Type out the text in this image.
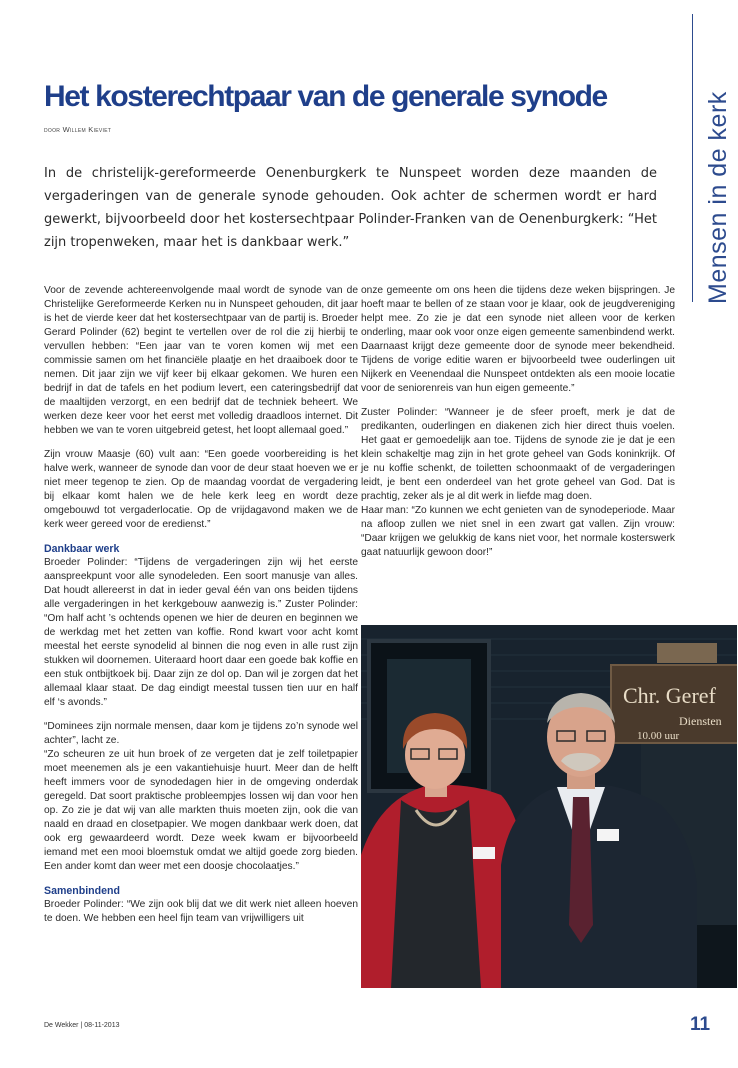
Mensen in de kerk
Het kosterechtpaar van de generale synode
door Willem Kieviet

In de christelijk-gereformeerde Oenenburgkerk te Nunspeet worden deze maanden de vergaderingen van de generale synode gehouden. Ook achter de schermen wordt er hard gewerkt, bijvoorbeeld door het kostersechtpaar Polinder-Franken van de Oenenburgkerk: “Het zijn tropenweken, maar het is dankbaar werk.”

Voor de zevende achtereenvolgende maal wordt de synode van de Christelijke Gereformeerde Kerken nu in Nunspeet gehouden, dit jaar is het de vierde keer dat het kostersechtpaar van de partij is. Broeder Gerard Polinder (62) begint te vertellen over de rol die zij hierbij te vervullen hebben: “Een jaar van te voren komen wij met een commissie samen om het financiële plaatje en het draaiboek door te nemen. Dit jaar zijn we vijf keer bij elkaar gekomen. We huren een bedrijf in dat de tafels en het podium levert, een cateringsbedrijf dat de maaltijden verzorgt, en een bedrijf dat de techniek beheert. We werken deze keer voor het eerst met volledig draadloos internet. Dit hebben we van te voren uitgebreid getest, het loopt allemaal goed.”

Zijn vrouw Maasje (60) vult aan: “Een goede voorbereiding is het halve werk, wanneer de synode dan voor de deur staat hoeven we er niet meer tegenop te zien. Op de maandag voordat de vergadering bij elkaar komt halen we de hele kerk leeg en wordt deze omgebouwd tot vergaderlocatie. Op de vrijdagavond maken we de kerk weer gereed voor de eredienst.”

Dankbaar werk

Broeder Polinder: “Tijdens de vergaderingen zijn wij het eerste aanspreekpunt voor alle synodeleden. Een soort manusje van alles. Dat houdt allereerst in dat in ieder geval één van ons beiden tijdens alle vergaderingen in het kerkgebouw aanwezig is.” Zuster Polinder: “Om half acht ’s ochtends openen we hier de deuren en beginnen we de werkdag met het zetten van koffie. Rond kwart voor acht komt meestal het eerste synodelid al binnen die nog even in alle rust zijn stukken wil doornemen. Uiteraard hoort daar een goede bak koffie en een stuk ontbijtkoek bij. Daar zijn ze dol op. Dan wil je zorgen dat het allemaal klaar staat. De dag eindigt meestal tussen tien uur en half elf ‘s avonds.”

“Dominees zijn normale mensen, daar kom je tijdens zo’n synode wel achter”, lacht ze.

“Zo scheuren ze uit hun broek of ze vergeten dat je zelf toiletpapier moet meenemen als je een vakantiehuisje huurt. Meer dan de helft heeft immers voor de synodedagen hier in de omgeving onderdak geregeld. Dat soort praktische probleempjes lossen wij dan voor hen op. Zo zie je dat wij van alle markten thuis moeten zijn, ook die van naald en draad en closetpapier. We mogen dankbaar werk doen, dat ook erg gewaardeerd wordt. Deze week kwam er bijvoorbeeld iemand met een mooi bloemstuk omdat we altijd goede zorg bieden. Een ander komt dan weer met een doosje chocolaatjes.”

Samenbindend

Broeder Polinder: “We zijn ook blij dat we dit werk niet alleen hoeven te doen. We hebben een heel fijn team van vrijwilligers uit

onze gemeente om ons heen die tijdens deze weken bijspringen. Je hoeft maar te bellen of ze staan voor je klaar, ook de jeugdvereniging helpt mee. Zo zie je dat een synode niet alleen voor de kerken onderling, maar ook voor onze eigen gemeente samenbindend werkt. Daarnaast krijgt deze gemeente door de synode meer bekendheid. Tijdens de vorige editie waren er bijvoorbeeld twee ouderlingen uit Nijkerk en Veenendaal die Nunspeet ontdekten als een mooie locatie voor de seniorenreis van hun eigen gemeente.”

Zuster Polinder: “Wanneer je de sfeer proeft, merk je dat de predikanten, ouderlingen en diakenen zich hier direct thuis voelen. Het gaat er gemoedelijk aan toe. Tijdens de synode zie je dat je een klein schakeltje mag zijn in het grote geheel van Gods koninkrijk. Of je nu koffie schenkt, de toiletten schoonmaakt of de vergaderingen leidt, je bent een onderdeel van het grote geheel van God. Dat is prachtig, zeker als je al dit werk in liefde mag doen.

Haar man: “Zo kunnen we echt genieten van de synodeperiode. Maar na afloop zullen we niet snel in een zwart gat vallen. Zijn vrouw: “Daar krijgen we gelukkig de kans niet voor, het normale kosterswerk gaat natuurlijk gewoon door!”

Chr. Geref
Diensten
10.00 uur
De Wekker | 08-11-2013	11
